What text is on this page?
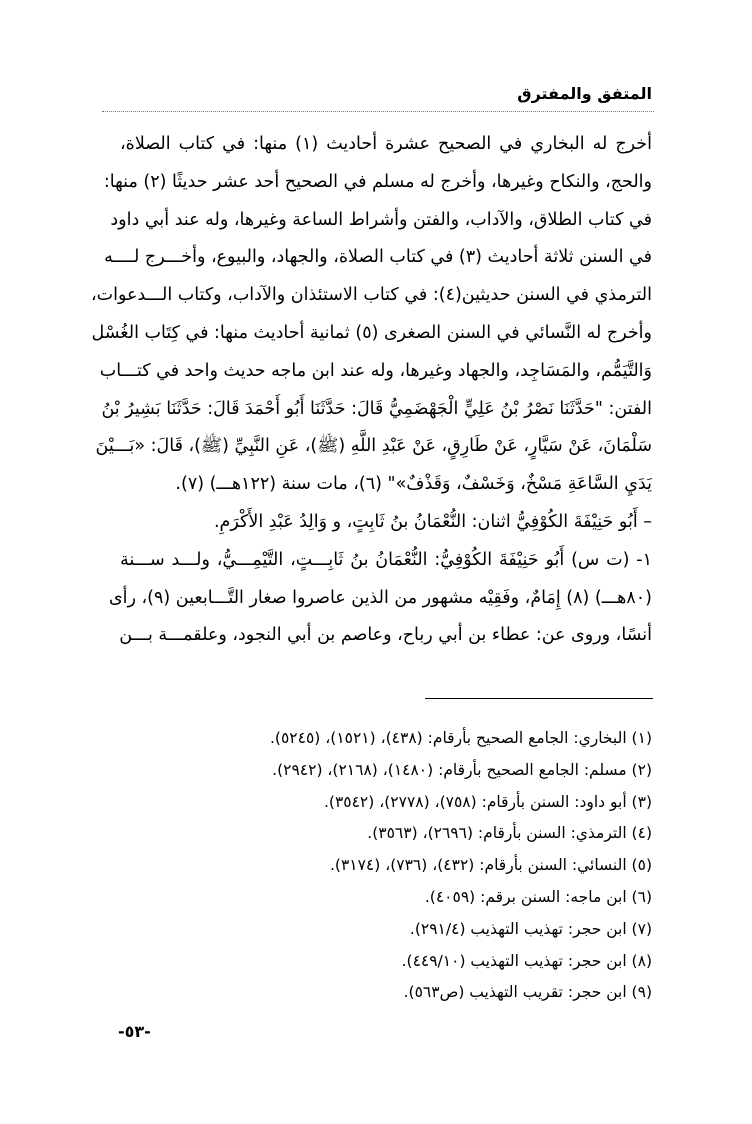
المتفق والمفترق
أخرج له البخاري في الصحيح عشرة أحاديث (١) منها: في كتاب الصلاة،
والحج، والنكاح وغيرها، وأخرج له مسلم في الصحيح أحد عشر حديثًا (٢) منها:
في كتاب الطلاق، والآداب، والفتن وأشراط الساعة وغيرها، وله عند أبي داود
في السنن ثلاثة أحاديث (٣) في كتاب الصلاة، والجهاد، والبيوع، وأخـــرج لــــه
الترمذي في السنن حديثين(٤): في كتاب الاستئذان والآداب، وكتاب الـــدعوات،
وأخرج له النَّسائي في السنن الصغرى (٥) ثمانية أحاديث منها: في كِتَاب الغُسْل
وَالتَّيَمُّم، والمَسَاجِد، والجهاد وغيرها، وله عند ابن ماجه حديث واحد في كتـــاب
الفتن: "حَدَّثَنَا نَصْرُ بْنُ عَلِيٍّ الْجَهْضَمِيُّ قَالَ: حَدَّثَنَا أَبُو أَحْمَدَ قَالَ: حَدَّثَنَا بَشِيرُ بْنُ
سَلْمَانَ، عَنْ سَيَّارٍ، عَنْ طَارِقٍ، عَنْ عَبْدِ اللَّهِ (ﷺ)، عَنِ النَّبِيِّ (ﷺ)، قَالَ: «بَـــيْنَ
يَدَيِ السَّاعَةِ مَسْخٌ، وَخَسْفٌ، وَقَذْفٌ»" (٦)، مات سنة (١٢٢هـــ) (٧).
– أَبُو حَنِيْفَةَ الكُوْفِيُّ اثنان: النُّعْمَانُ بنُ ثَابِتٍ، و وَالِدُ عَبْدِ الأَكْرَمِ.
١- (ت س) أَبُو حَنِيْفَةَ الكُوْفِيُّ: النُّعْمَانُ بنُ ثَابِـــتٍ، التَّيْمِـــيُّ، ولـــد ســـنة
(٨٠هـــ) (٨) إِمَامٌ، وفَقِيْه مشهور من الذين عاصروا صغار التَّـــابعين (٩)، رأى
أنسًا، وروى عن: عطاء بن أبي رباح، وعاصم بن أبي النجود، وعلقمـــة بـــن
(١) البخاري: الجامع الصحيح بأرقام: (٤٣٨)، (١٥٢١)، (٥٢٤٥).
(٢) مسلم: الجامع الصحيح بأرقام: (١٤٨٠)، (٢١٦٨)، (٢٩٤٢).
(٣) أبو داود: السنن بأرقام: (٧٥٨)، (٢٧٧٨)، (٣٥٤٢).
(٤) الترمذي: السنن بأرقام: (٢٦٩٦)، (٣٥٦٣).
(٥) النسائي: السنن بأرقام: (٤٣٢)، (٧٣٦)، (٣١٧٤).
(٦) ابن ماجه: السنن برقم: (٤٠٥٩).
(٧) ابن حجر: تهذيب التهذيب (٢٩١/٤).
(٨) ابن حجر: تهذيب التهذيب (٤٤٩/١٠).
(٩) ابن حجر: تقريب التهذيب (ص٥٦٣).
-٥٣-
